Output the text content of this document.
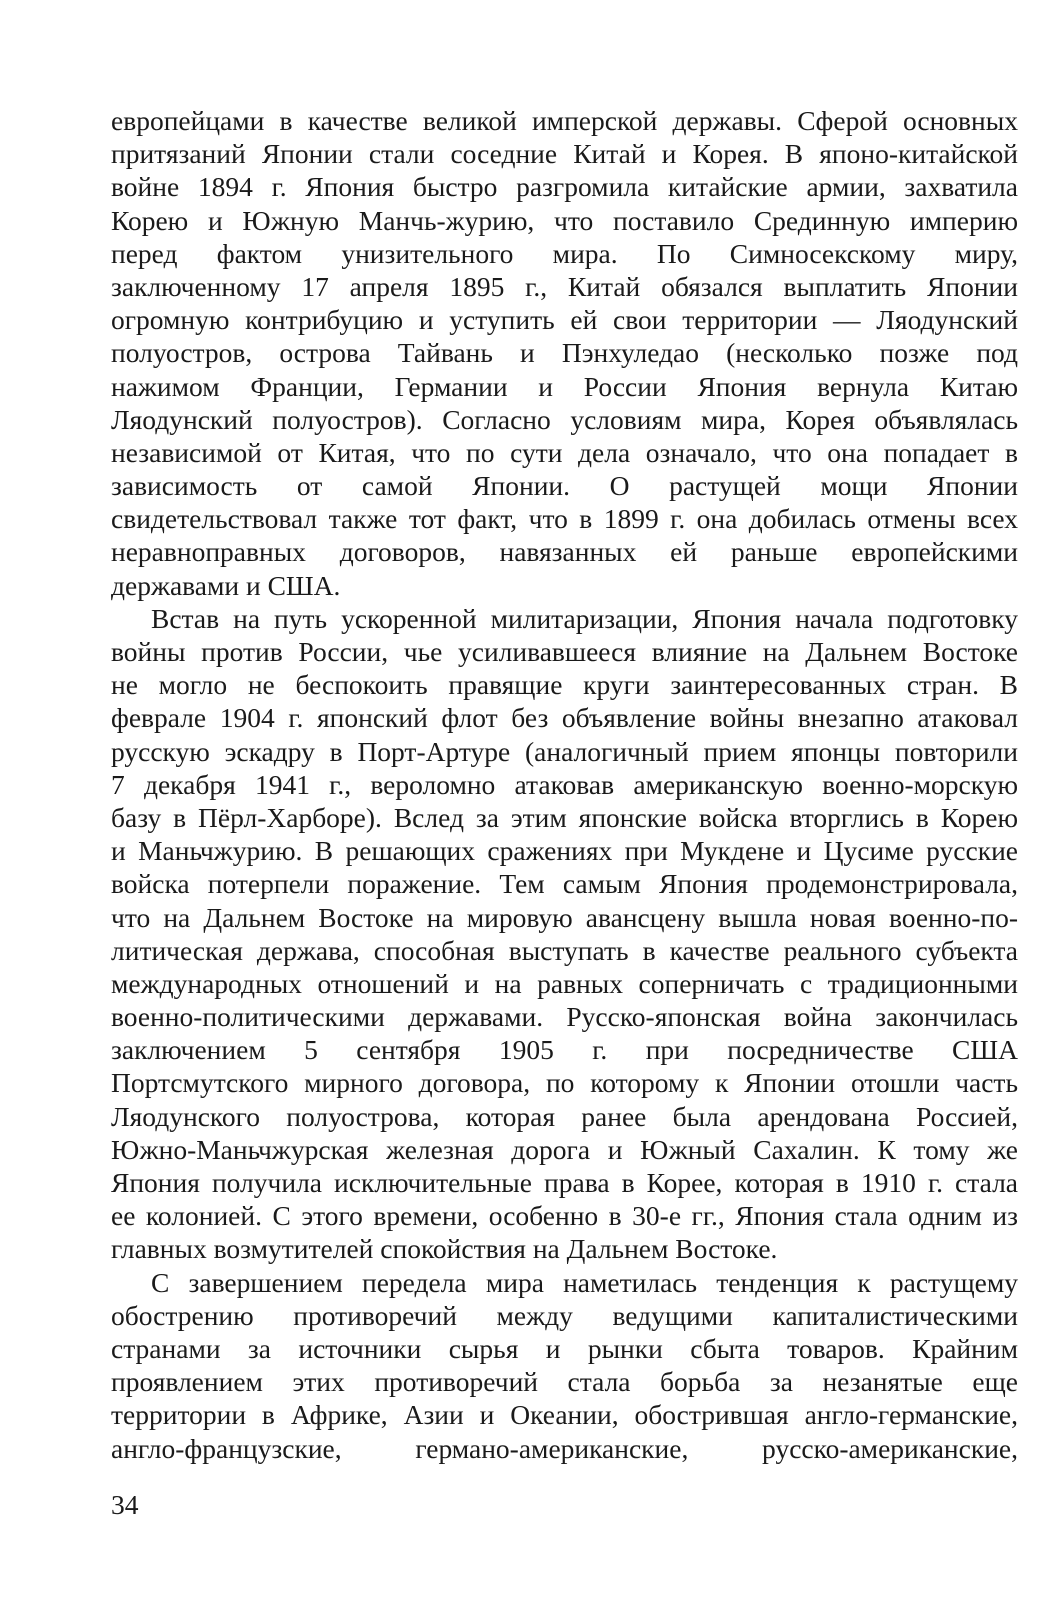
европейцами в качестве великой имперской державы. Сферой основных
притязаний Японии стали соседние Китай и Корея. В японо-китайской
войне 1894 г. Япония быстро разгромила китайские армии, захватила
Корею и Южную Манчь-журию, что поставило Срединную империю
перед фактом унизительного мира. По Симносекскому миру,
заключенному 17 апреля 1895 г., Китай обязался выплатить Японии
огромную контрибуцию и уступить ей свои территории — Ляодунский
полуостров, острова Тайвань и Пэнхуледао (несколько позже под
нажимом Франции, Германии и России Япония вернула Китаю
Ляодунский полуостров). Согласно условиям мира, Корея объявлялась
независимой от Китая, что по сути дела означало, что она попадает в
зависимость от самой Японии. О растущей мощи Японии
свидетельствовал также тот факт, что в 1899 г. она добилась отмены всех
неравноправных договоров, навязанных ей раньше европейскими
державами и США.
Встав на путь ускоренной милитаризации, Япония начала подготовку
войны против России, чье усиливавшееся влияние на Дальнем Востоке
не могло не беспокоить правящие круги заинтересованных стран. В
феврале 1904 г. японский флот без объявление войны внезапно атаковал
русскую эскадру в Порт-Артуре (аналогичный прием японцы повторили
7 декабря 1941 г., вероломно атаковав американскую военно-морскую
базу в Пёрл-Харборе). Вслед за этим японские войска вторглись в Корею
и Маньчжурию. В решающих сражениях при Мукдене и Цусиме русские
войска потерпели поражение. Тем самым Япония продемонстрировала,
что на Дальнем Востоке на мировую авансцену вышла новая военно-по-
литическая держава, способная выступать в качестве реального субъекта
международных отношений и на равных соперничать с традиционными
военно-политическими державами. Русско-японская война закончилась
заключением 5 сентября 1905 г. при посредничестве США
Портсмутского мирного договора, по которому к Японии отошли часть
Ляодунского полуострова, которая ранее была арендована Россией,
Южно-Маньчжурская железная дорога и Южный Сахалин. К тому же
Япония получила исключительные права в Корее, которая в 1910 г. стала
ее колонией. С этого времени, особенно в 30-е гг., Япония стала одним из
главных возмутителей спокойствия на Дальнем Востоке.
С завершением передела мира наметилась тенденция к растущему
обострению противоречий между ведущими капиталистическими
странами за источники сырья и рынки сбыта товаров. Крайним
проявлением этих противоречий стала борьба за незанятые еще
территории в Африке, Азии и Океании, обострившая англо-германские,
англо-французские, германо-американские, русско-американские,
34
